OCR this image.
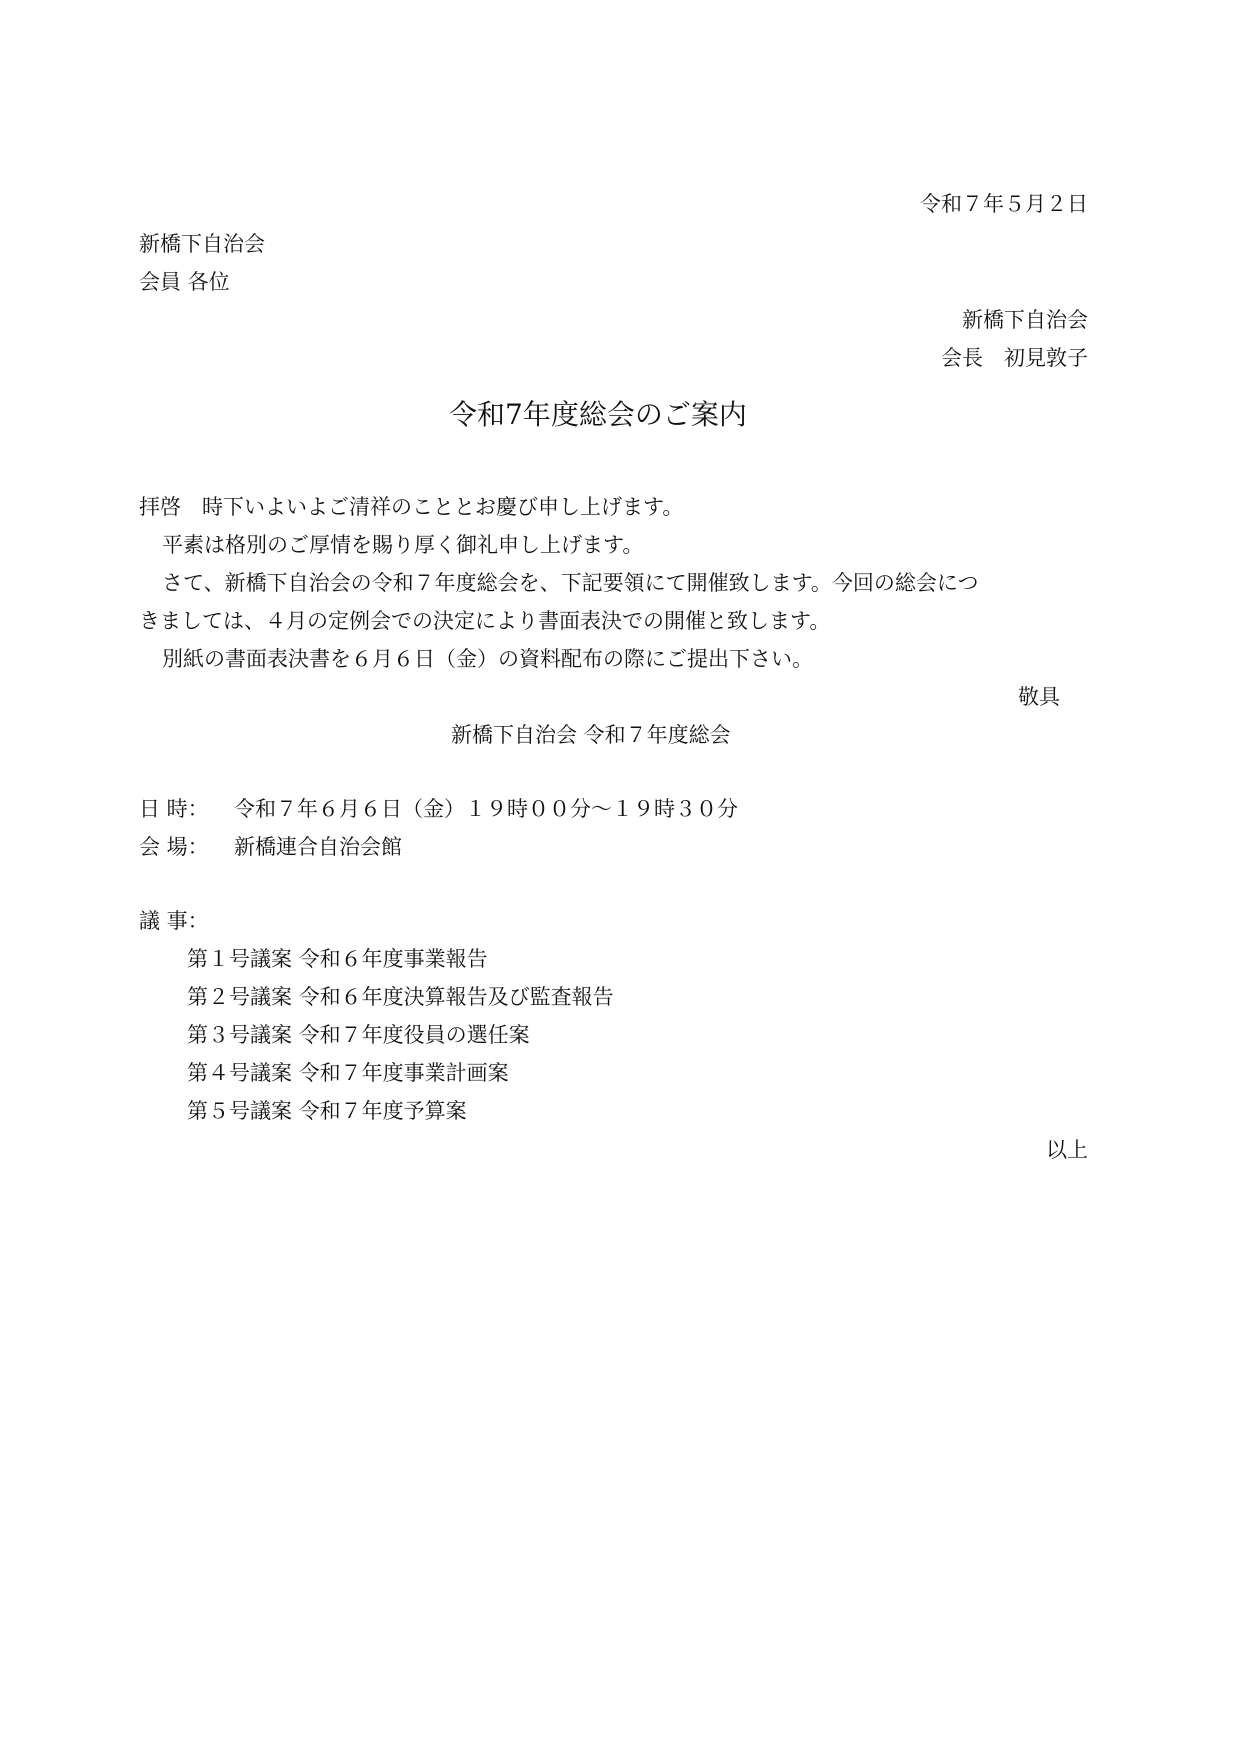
令和７年５月２日
新橋下自治会
会員 各位
新橋下自治会
会長　初見敦子
令和7年度総会のご案内
拝啓　時下いよいよご清祥のこととお慶び申し上げます。
平素は格別のご厚情を賜り厚く御礼申し上げます。
さて、新橋下自治会の令和７年度総会を、下記要領にて開催致します。今回の総会につ
きましては、４月の定例会での決定により書面表決での開催と致します。
別紙の書面表決書を６月６日（金）の資料配布の際にご提出下さい。
敬具
新橋下自治会 令和７年度総会
日 時： 令和７年６月６日（金）１９時００分～１９時３０分
会 場： 新橋連合自治会館
議 事：
第１号議案 令和６年度事業報告
第２号議案 令和６年度決算報告及び監査報告
第３号議案 令和７年度役員の選任案
第４号議案 令和７年度事業計画案
第５号議案 令和７年度予算案
以上
